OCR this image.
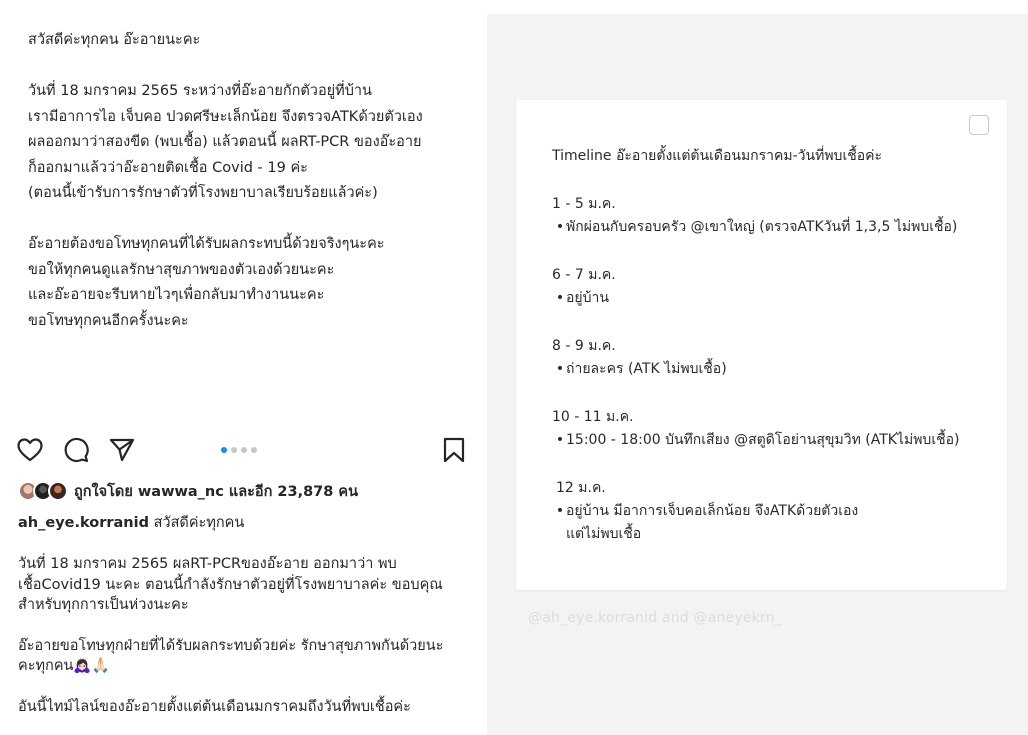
สวัสดีค่ะทุกคน อ๊ะอายนะคะ
วันที่ 18 มกราคม 2565 ระหว่างที่อ๊ะอายกักตัวอยู่ที่บ้าน
เรามีอาการไอ เจ็บคอ ปวดศรีษะเล็กน้อย จึงตรวจATKด้วยตัวเอง
ผลออกมาว่าสองขีด (พบเชื้อ) แล้วตอนนี้ ผลRT-PCR ของอ๊ะอาย
ก็ออกมาแล้วว่าอ๊ะอายติดเชื้อ Covid - 19 ค่ะ
(ตอนนี้เข้ารับการรักษาตัวที่โรงพยาบาลเรียบร้อยแล้วค่ะ)
อ๊ะอายต้องขอโทษทุกคนที่ได้รับผลกระทบนี้ด้วยจริงๆนะคะ
ขอให้ทุกคนดูแลรักษาสุขภาพของตัวเองด้วยนะคะ
และอ๊ะอายจะรีบหายไวๆเพื่อกลับมาทำงานนะคะ
ขอโทษทุกคนอีกครั้งนะคะ
Timeline อ๊ะอายตั้งแต่ต้นเดือนมกราคม-วันที่พบเชื้อค่ะ
1 - 5 ม.ค.
• พักผ่อนกับครอบครัว @เขาใหญ่ (ตรวจATKวันที่ 1,3,5 ไม่พบเชื้อ)
6 - 7 ม.ค.
• อยู่บ้าน
8 - 9 ม.ค.
• ถ่ายละคร (ATK ไม่พบเชื้อ)
10 - 11 ม.ค.
• 15:00 - 18:00 บันทึกเสียง @สตูดิโอย่านสุขุมวิท (ATKไม่พบเชื้อ)
12 ม.ค.
• อยู่บ้าน มีอาการเจ็บคอเล็กน้อย จึงATKด้วยตัวเอง
แต่ไม่พบเชื้อ
@ah_eye.korranid and @aneyekrn_
ถูกใจโดย wawwa_nc และอีก 23,878 คน
ah_eye.korranid สวัสดีค่ะทุกคน
วันที่ 18 มกราคม 2565 ผลRT-PCRของอ๊ะอาย ออกมาว่า พบ
เชื้อCovid19 นะคะ ตอนนี้กำลังรักษาตัวอยู่ที่โรงพยาบาลค่ะ ขอบคุณ
สำหรับทุกการเป็นห่วงนะคะ
อ๊ะอายขอโทษทุกฝ่ายที่ได้รับผลกระทบด้วยค่ะ รักษาสุขภาพกันด้วยนะ
คะทุกคน🙇🏻‍♀️🙏🏻
อันนี้ไทม์ไลน์ของอ๊ะอายตั้งแต่ต้นเดือนมกราคมถึงวันที่พบเชื้อค่ะ
